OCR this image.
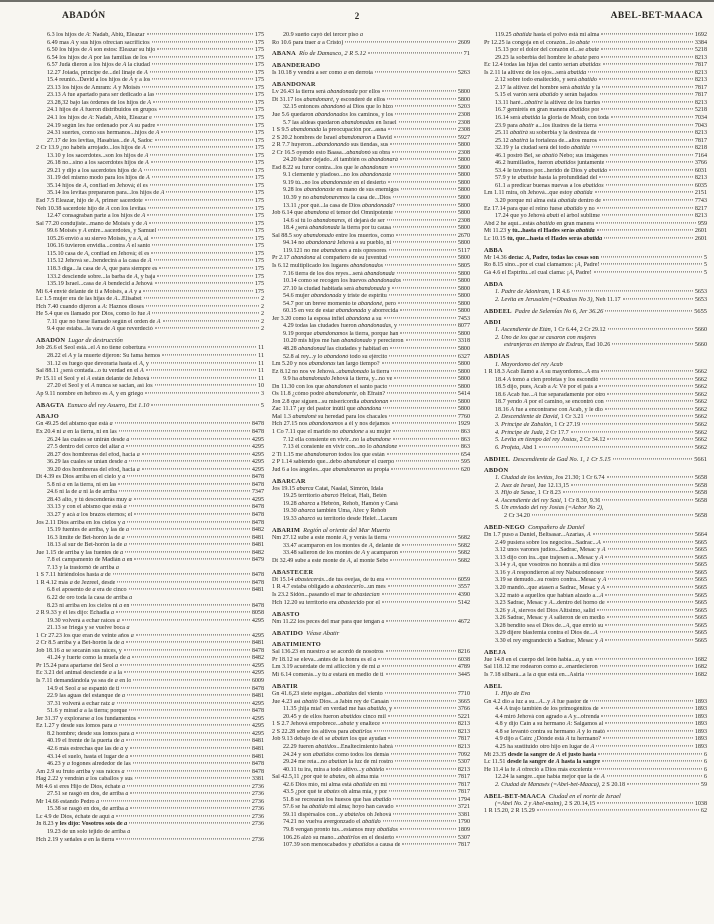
ABADÓN	2	ABEL-BET-MAACA
6.3 los hijos de A: Nadab, Abiú, Eleazar	175
6.49 mas A y sus hijos ofrecían sacrificios	175
6.50 los hijos de A son estos: Eleazar su hijo	175
6.54 los hijos de A por las familias de los	175
6.57 Judá dieron a los hijos de A la ciudad	175
12.27 Joiada, príncipe de...del linaje de A	175
15.4 reunió...David a los hijos de A y a los	175
23.13 los hijos de Amram: A y Moisés	175
23.13 A fue apartado para ser dedicado a las	175
23.28,32 bajo las órdenes de los hijos de A	175
24.1 hijos de A fueron distribuidos en grupos	175
24.1 los hijos de A: Nadab, Abiú, Eleazar e	175
24.19 según les fue ordenado por A su padre	175
24.31 suertes, como sus hermanos...hijos de A	175
27.17 de los levitas, Hasabías...de A, Sadoc	175
2 Cr 13.9 ¿no habéis arrojado...los hijos de A	175
13.10 y los sacerdotes...son los hijos de A	175
26.18 no...sino a los sacerdotes hijos de A	175
29.21 y dijo a los sacerdotes hijos de A	175
31.19 del mismo modo para los hijos de A	175
35.14 hijos de A, confiad en Jehová; él es	175
35.14 los levitas prepararon para...los hijos de A	175
Esd 7.5 Eleazar, hijo de A, primer sacerdote	175
Neh 10.38 sacerdote hijo de A con los levitas	175
12.47 consagraban parte a los hijos de A	175
Sal 77.20 condujiste...mano de Moisés y de A	175
99.6 Moisés y A entre...sacerdotes, y Samuel	175
105.26 envió a su siervo Moisés, y a A, al	175
106.16 tuvieron envidia...contra A el santo	175
115.10 casa de A, confiad en Jehová; él es	175
115.12 Jehová se...bendecirá a la casa de A	175
118.3 diga...la casa de A, que para siempre es	175
133.2 desciende sobre...la barba de A, y baja	175
135.19 Israel...casa de A bendecid a Jehová	175
Mi 6.4 envié delante de ti a Moisés, a A y a	175
Lc 1.5 mujer era de las hijas de A...Elisabet	2
Hch 7.40 cuando dijeron a A: Haznos dioses	2
He 5.4 que es llamado por Dios, como lo fue A	2
7.11 que no fuese llamado según el orden de A	2
9.4 que estaba...la vara de A que reverdeció	2
ABADÓN Lugar de destrucción
Job 26.6 el Seol está...el A no tiene cobertura	11
28.22 el A y la muerte dijeron: Su fama hemos	11
31.12 es fuego que devoraría hasta el A, y	11
Sal 88.11 ¿será contada...o tu verdad en el A	11
Pr 15.11 el Seol y el A están delante de Jehová	11
27.20 el Seol y el A nunca se sacian, así los	10
Ap 9.11 nombre en hebreo es A, y en griego	3
ABAGTA Eunuco del rey Asuero, Est 1.10	5
ABAJO
Gn 49.25 del abismo que está a	8478
Éx 20.4 ni a en la tierra, ni en las	8478
26.24 las cuales se unirán desde a	4295
27.5 dentro del cerco del altar a	4295
28.27 dos hombreras del efod, hacia a	4295
36.29 las cuales se unían desde a	4295
39.20 dos hombreras del efod, hacia a	4295
Dt 4.39 es Dios arriba en el cielo y a	8478
5.8 ni a en la tierra, ni en las	8478
24.6 ni la de a ni la de arriba	7347
28.43 alto, y tú descenderás muy a	4295
33.13 y con el abismo que está a	8478
33.27 y acá a los brazos eternos; el	8478
Jos 2.11 Dios arriba en los cielos y a	8478
15.19 fuentes de arriba, y las de a	8482
16.3 límite de Bet-horón la de a	8481
18.13 al sur de Bet-horón la de a	8481
Jue 1.15 de arriba y las fuentes de a	8482
7.8 el campamento de Madián a en	8479
7.13 y la trastornó de arriba a
1 S 7.11 hiriéndolos hasta a de	8478
1 R 4.12 más a de Jezreel, desde	8478
6.8 el aposento de a era de cinco	8481
6.22 de oro toda la casa de arriba a
8.23 ni arriba en los cielos ni a en	8478
2 R 9.33 y él les dijo: Echadla a	8058
19.30 volverá a echar raíces a	4295
21.13 se friega y se vuelve boca a
1 Cr 27.23 los que eran de veinte años a	4295
2 Cr 8.5 arriba y a Bet-horón la de a	8481
Job 18.16 a se secarán sus raíces, y	8478
41.24 y fuerte como la muela de a	8482
Pr 15.24 para apartarse del Seol a	4295
Ec 3.21 del animal desciende a a la	4295
Is 7.11 demandándola ya sea de a en lo	6009
14.9 el Seol a se espantó de ti	8478
22.9 las aguas del estanque de a	8481
37.31 volverá a echar raíz a	4295
51.6 y mirad a a la tierra; porque	8478
Jer 31.37 y explorarse a los fundamentos	4295
Ez 1.27 y desde sus lomos para a	4295
8.2 hombre; desde sus lomos para a	4295
40.19 el frente de la puerta de a	8481
42.6 más estrechas que las de a y	8481
43.14 el suelo, hasta el lugar de a	8481
46.23 y a fogones alrededor de las	8478
Am 2.9 su fruto arriba y sus raíces a	8478
Hag 2.22 y vendrán a los caballos y sus	3381
Mt 4.6 si eres Hijo de Dios, échate a	2736
27.51 se rasgó en dos, de arriba a	2736
Mr 14.66 estando Pedro a	2736
15.38 se rasgó en dos, de arriba a	2736
Lc 4.9 de Dios, échate de aquí a	2736
Jn 8.23 y les dijo: Vosotros sois de a	2736
19.23 de un solo tejido de arriba a
Hch 2.19 y señales a en la tierra	2736
20.9 sueño cayó del tercer piso a
Ro 10.6 para traer a a Cristo)	2609
ABANA Río de Damasco, 2 R 5.12	71
ABANDERADO
Is 10.18 y vendrá a ser como a en derrota	5263
ABANDONAR
Lv 26.43 la tierra será abandonada por ellos	5800
Dt 31.17 los abandonaré, y esconderé de ellos	5800
32.15 entonces abandonó al Dios que lo hizo	5203
Jue 5.6 quedaron abandonados los caminos, y los	2308
5.7 las aldeas quedaron abandonadas en Israel	2308
1 S 9.5 abandonada la preocupación por...asna	2308
2 S 20.2 hombres de Israel abandonaron a David	5927
2 R 7.7 huyeron...abandonando sus tiendas, sus	5800
2 Cr 16.5 oyendo esto Baasa...abandonó su obra	2308
24.20 haber dejado...él también os abandonará	5800
Esd 8.22 su furor contra...los que le abandonan	5800
9.1 clemente y piadoso...no los abandonaste	5800
9.19 tú...no los abandonaste en el desierto	5800
9.28 los abandonaste en mano de sus enemigos	5800
10.39 y no abandonaremos la casa de...Dios	5800
13.11 ¿por qué...la casa de Dios abandonada?	5800
Job 6.14 que abandona el temor del Omnipotente	5800
14.6 si tú lo abandonares, él dejará de ser	2308
18.4 ¿será abandonada la tierra por tu causa	5800
Sal 88.5 soy abandonado entre los muertos, como	2670
94.14 no abandonará Jehová a su pueblo, ni	5800
119.121 no me abandones a mis opresores	5117
Pr 2.17 abandona al compañero de su juventud	5800
Is 6.12 multiplicado los lugares abandonados	5805
7.16 tierra de los dos reyes...será abandonada	5800
10.14 como se recogen los huevos abandonados	5800
27.10 la ciudad habitada será abandonada y	5800
54.6 mujer abandonada y triste de espíritu	5800
54.7 por un breve momento te abandoné, pero	5800
60.15 en vez de estar abandonada y aborrecida	5800
Jer 3.20 como la esposa infiel abandona a su	7453
4.29 todas las ciudades fueron abandonadas, y	8077
9.19 porque abandonamos la tierra, porque han	5800
10.20 mis hijos me han abandonado y perecieron	3318
48.28 abandonad las ciudades y habitad en	5800
52.8 al rey...y lo abandonó todo su ejército	6327
Lm 5.20 y nos abandonas tan largo tiempo?	5800
Ez 8.12 no nos ve Jehová...abandonado la tierra	5800
9.9 ha abandonado Jehová la tierra, y...no ve	5800
Dn 11.30 con los que abandonen el santo pacto	5800
Os 11.8 ¿cómo podré abandonarte, oh Efraín?	5414
Jon 2.8 que siguen...su misericordia abandonan	5800
Zac 11.17 ¡ay del pastor inútil que abandona	5800
Mal 1.3 abandoné su heredad para los chacales	7760
Hch 27.15 nos abandonamos a él y nos dejamos	1929
1 Co 7.11 que el marido no abandone a su mujer	863
7.12 ella consiente en vivir...no la abandone	863
7.13 él consiente en vivir con...no lo abandone	863
2 Ti 1.15 me abandonaron todos los que están	654
2 P 1.14 sabiendo que...debo abandonar el cuerpo	595
Jud 6 a los ángeles...que abandonaron su propia	620
ABARCAR
Jos 19.15 abarca Catat, Naalal, Simrón, Idala
19.25 territorio abarcó Helcat, Halí, Betén
19.28 abarca a Hebrón, Rehob, Hamón y Caná
19.30 abarca también Uma, Afec y Rehob
19.33 abarcó su territorio desde Helef...Lacum
ABARIM Región al oriente del Mar Muerto
Nm 27.12 sube a este monte A, y verás la tierra	5682
33.47 acamparon en los montes de A, delante de	5682
33.48 salieron de los montes de A y acamparon	5682
Dt 32.49 sube a este monte de A, al monte Sebo	5682
ABASTECER
Dt 15.14 abastecerás...de tus ovejas, de tu era	6059
1 R 4.7 estaba obligado a abastecerlo...un mes	3557
Is 23.2 Sidón...pasando el mar te abastecían	4390
Hch 12.20 su territorio era abastecido por el	5142
ABASTO
Nm 11.22 los peces del mar para que tengan a	4672
ABATIDO Véase Abatir
ABATIMIENTO
Sal 136.23 en nuestro a se acordó de nosotros	8216
Pr 18.12 se eleva...antes de la honra es el a	6038
Lm 3.19 acuérdate de mi aflicción y de mi a	4789
Mi 6.14 comerás...y tu a estará en medio de ti	3445
ABATIR
Gn 41.6,23 siete espigas...abatidas del viento	7710
Jue 4.23 así abatió Dios...a Jabín rey de Canaán	3665
11.35 ¡hija mía! en verdad me has abatido, y	3766
20.45 y de ellos fueron abatidos cinco mil	5221
1 S 2.7 Jehová empobrece...abate y enaltece	8213
2 S 22.28 sobre los altivos para abatirlos	8213
Job 9.13 debajo de él se abaten los que ayudan	7817
22.29 fueren abatidos...Enaltecimiento habrá	8213
24.24 y son abatidos como todos los demás	7092
29.24 me reía...no abatían la luz de mi rostro	5307
40.11 tu ira, mira a todo altivo...y abátelo	8213
Sal 42.5,11 ¿por qué te abates, oh alma mía	7817
42.6 Dios mío, mi alma está abatida en mí	7817
43.5 ¿por qué te abates oh alma mía, y por	7817
51.8 se recrearán los huesos que has abatido	1794
57.6 se ha abatido mi alma; hoyo han cavado	3721
59.11 dispérsalos con...y abátelos oh Jehová	3381
74.21 no vuelva avergonzado el abatido	1790
79.8 vengan pronto tus...estamos muy abatidos	1809
106.26 alzó su mano...abatirlos en el desierto	5307
107.39 son menoscabados y abatidos a causa de	7817
119.25 abatida hasta el polvo está mi alma	1692
Pr 12.25 la congoja en el corazón...lo abate	3384
15.13 por el dolor del corazón el...se abate	5218
29.23 la soberbia del hombre le abate pero	8213
Ec 12.4 todas las hijas del canto serían abatidas	7817
Is 2.11 la altivez de los ojos...será abatida	8213
2.12 sobre todo enaltecido, y será abatido	8213
2.17 la altivez del hombre será abatida y la	7817
5.15 el varón será abatido y serán bajados	7817
13.11 haré...abatiré la altivez de los fuertes	8213
16.7 gemiréis en gran manera abatidos por	5218
16.14 será abatida la gloria de Moab, con toda	7034
23.9 para abatir a...los ilustres de la tierra	7043
25.11 abatirá su soberbia y la destreza de	8213
25.12 abatirá la fortaleza de...altos muros	7817
32.19 y la ciudad será del todo abatida	8218
46.1 postró Bel, se abatió Nebo; sus imágenes	7164
46.2 humillados, fueron abatidos juntamente	3766
53.4 le tuvimos por...herido de Dios y abatido	6031
57.9 y te abatiste hasta la profundidad del	8213
61.1 a predicar buenas nuevas a los abatidos	6035
Lm 1.11 mira, oh Jehová...que estoy abatida	2151
3.20 porque mi alma está abatida dentro de	7743
Ez 17.14 para que el reino fuese abatido y no	8217
17.24 que yo Jehová abatí el árbol sublime	8213
Abd 2 he aquí...estás abatido en gran manera	959
Mt 11.23 y tú...hasta el Hades serás abatida	2601
Lc 10.15 tú, que...hasta el Hades serás abatida	2601
ABBA
Mr 14.36 decía: A, Padre, todas las cosas son	5
Ro 8.15 sino...por el cual clamamos: ¡A, Padre!	5
Gá 4.6 el Espíritu...el cual clama: ¡A, Padre!	5
ABDA
1. Padre de Adoniram, 1 R 4.6	5653
2. Levita en Jerusalén (=Obadías No 3), Neh 11.17	5653
ABDEEL Padre de Selemías No 6, Jer 36.26	5655
ABDI
1. Ascendiente de Etán, 1 Cr 6.44, 2 Cr 29.12	5660
2. Uno de los que se casaron con mujeres
extranjeras en tiempo de Esdras, Esd 10.26	5660
ABDÍAS
1. Mayordomo del rey Acab
1 R 18.3 Acab llamó a A su mayordomo...A era	5662
18.4 A tomó a cien profetas y los escondió	5662
18.5 dijo, pues, Acab a A: Vé por el país a	5662
18.6 Acab fue...A fue separadamente por otro	5662
18.7 yendo A por el camino, se encontró con	5662
18.16 A fue a encontrarse con Acab, y le dio	5662
2. Descendiente de David, 1 Cr 3.21	5662
3. Príncipe de Zabulón, 1 Cr 27.19	5662
4. Príncipe de Judá, 2 Cr 17.7	5662
5. Levita en tiempo del rey Josías, 2 Cr 34.12	5662
6. Profeta, Abd 1	5662
ABDIEL Descendiente de Gad No. 1, 1 Cr 5.15	5661
ABDÓN
1. Ciudad de los levitas, Jos 21.30; 1 Cr 6.74	5658
2. Juez de Israel, Jue 12.13,15	5658
3. Hijo de Sasac, 1 Cr 8.23	5658
4. Ascendiente del rey Saúl, 1 Cr 8.30, 9.36	5658
5. Un enviado del rey Josías (=Acbor No 2),
2 Cr 34.20	5658
ABED-NEGO Compañero de Daniel
Dn 1.7 puso a Daniel, Beltsasar...Azarías, A	5664
2.49 pusiera sobre los negocios...Sadrac...A	5665
3.12 unos varones judíos...Sadrac, Mesac y A	5665
3.13 dijo con ira...que trajesen a...Mesac y A	5665
3.14 y A, que vosotros no honráis a mi dios	5665
3.16 y A respondieron al rey Nabucodonosor	5665
3.19 se demudó...su rostro contra...Mesac y A	5665
3.20 mandó...que atasen a Sadrac, Mesac y A	5665
3.22 mató a aquellos que habían alzado a...A	5665
3.23 Sadrac, Mesac y A...dentro del horno de	5665
3.26 y A, siervos del Dios Altísimo, salid	5665
3.26 Sadrac, Mesac y A salieron de en medio	5665
3.28 bendito sea el Dios de...A, que envió su	5665
3.29 dijere blasfemia contra el Dios de...A	5665
3.30 el rey engrandeció a Sadrac, Mesac y A	5665
ABEJA
Jue 14.8 en el cuerpo del león había...a, y un	1682
Sal 118.12 me rodearon como a...enardecieron	1682
Is 7.18 silbará...a la a que está en...Asiria	1682
ABEL
1. Hijo de Eva
Gn 4.2 dio a luz a su...A...y A fue pastor de	1893
4.4 A trajo también de los primogénitos de	1893
4.4 miró Jehová con agrado a A y...ofrenda	1893
4.8 y dijo Caín a su hermano A: Salgamos al	1893
4.8 se levantó contra su hermano A y lo mató	1893
4.9 dijo a Caín: ¿Dónde está A tu hermano?	1893
4.25 ha sustituido otro hijo en lugar de A	1893
Mt 23.35 desde la sangre de A el justo hasta	6
Lc 11.51 desde la sangre de A hasta la sangre	6
He 11.4 la fe A ofreció a Dios más excelente	6
12.24 la sangre...que había mejor que la de A	6
2. Ciudad de Manasés (=Abel-bet-Maaca), 2 S 20.18	59
ABEL-BET-MAACA Ciudad en el norte de Israel
(=Abel No. 2 y Abel-maim), 2 S 20.14,15	1038
1 R 15.20, 2 R 15.29	62
